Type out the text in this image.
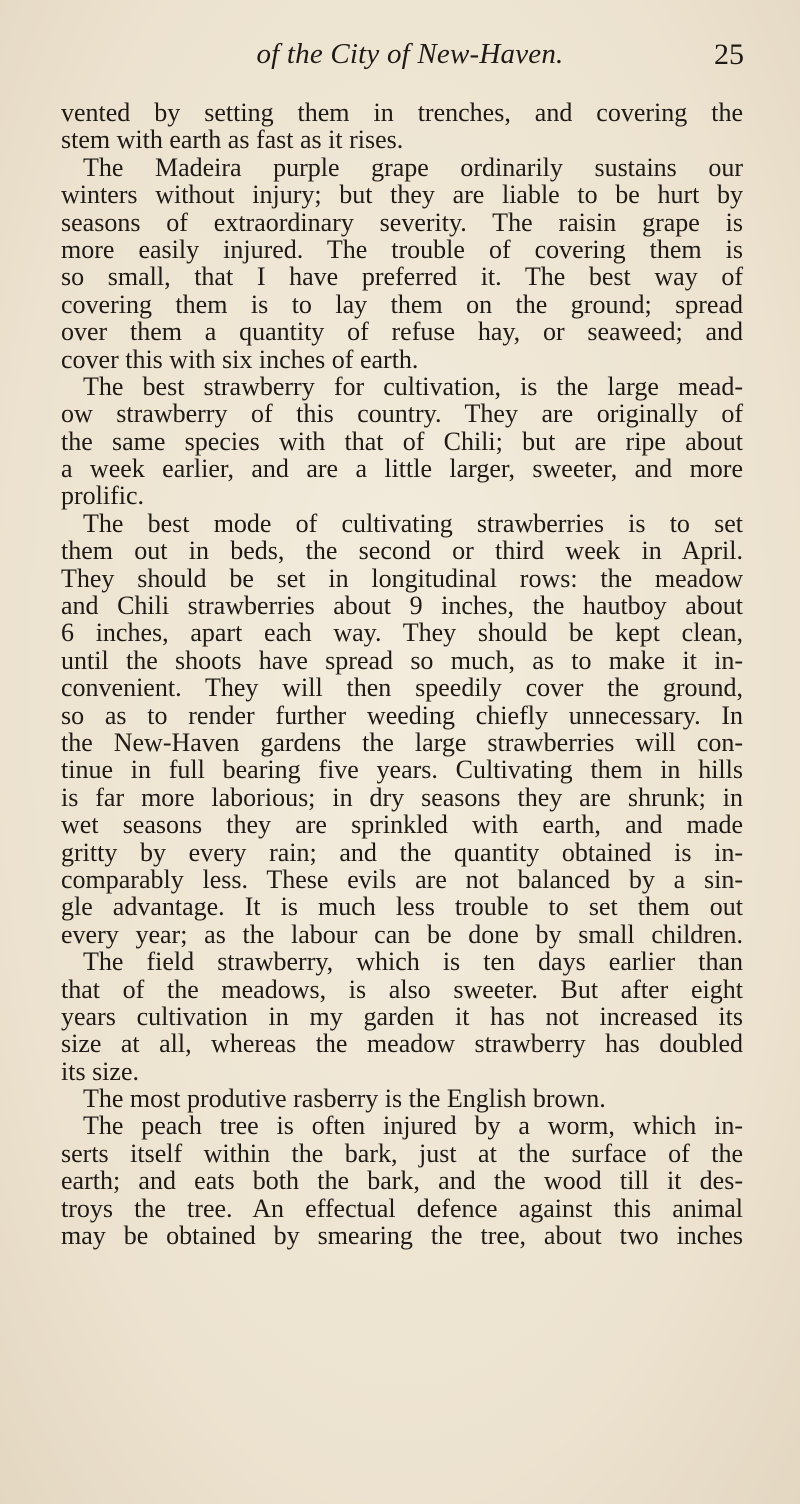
of the City of New-Haven.	25
vented by setting them in trenches, and covering the
stem with earth as fast as it rises.
The Madeira purple grape ordinarily sustains our
winters without injury; but they are liable to be hurt by
seasons of extraordinary severity. The raisin grape is
more easily injured. The trouble of covering them is
so small, that I have preferred it. The best way of
covering them is to lay them on the ground; spread
over them a quantity of refuse hay, or seaweed; and
cover this with six inches of earth.
The best strawberry for cultivation, is the large mead-
ow strawberry of this country. They are originally of
the same species with that of Chili; but are ripe about
a week earlier, and are a little larger, sweeter, and more
prolific.
The best mode of cultivating strawberries is to set
them out in beds, the second or third week in April.
They should be set in longitudinal rows: the meadow
and Chili strawberries about 9 inches, the hautboy about
6 inches, apart each way. They should be kept clean,
until the shoots have spread so much, as to make it in-
convenient. They will then speedily cover the ground,
so as to render further weeding chiefly unnecessary. In
the New-Haven gardens the large strawberries will con-
tinue in full bearing five years. Cultivating them in hills
is far more laborious; in dry seasons they are shrunk; in
wet seasons they are sprinkled with earth, and made
gritty by every rain; and the quantity obtained is in-
comparably less. These evils are not balanced by a sin-
gle advantage. It is much less trouble to set them out
every year; as the labour can be done by small children.
The field strawberry, which is ten days earlier than
that of the meadows, is also sweeter. But after eight
years cultivation in my garden it has not increased its
size at all, whereas the meadow strawberry has doubled
its size.
The most produtive rasberry is the English brown.
The peach tree is often injured by a worm, which in-
serts itself within the bark, just at the surface of the
earth; and eats both the bark, and the wood till it des-
troys the tree. An effectual defence against this animal
may be obtained by smearing the tree, about two inches
